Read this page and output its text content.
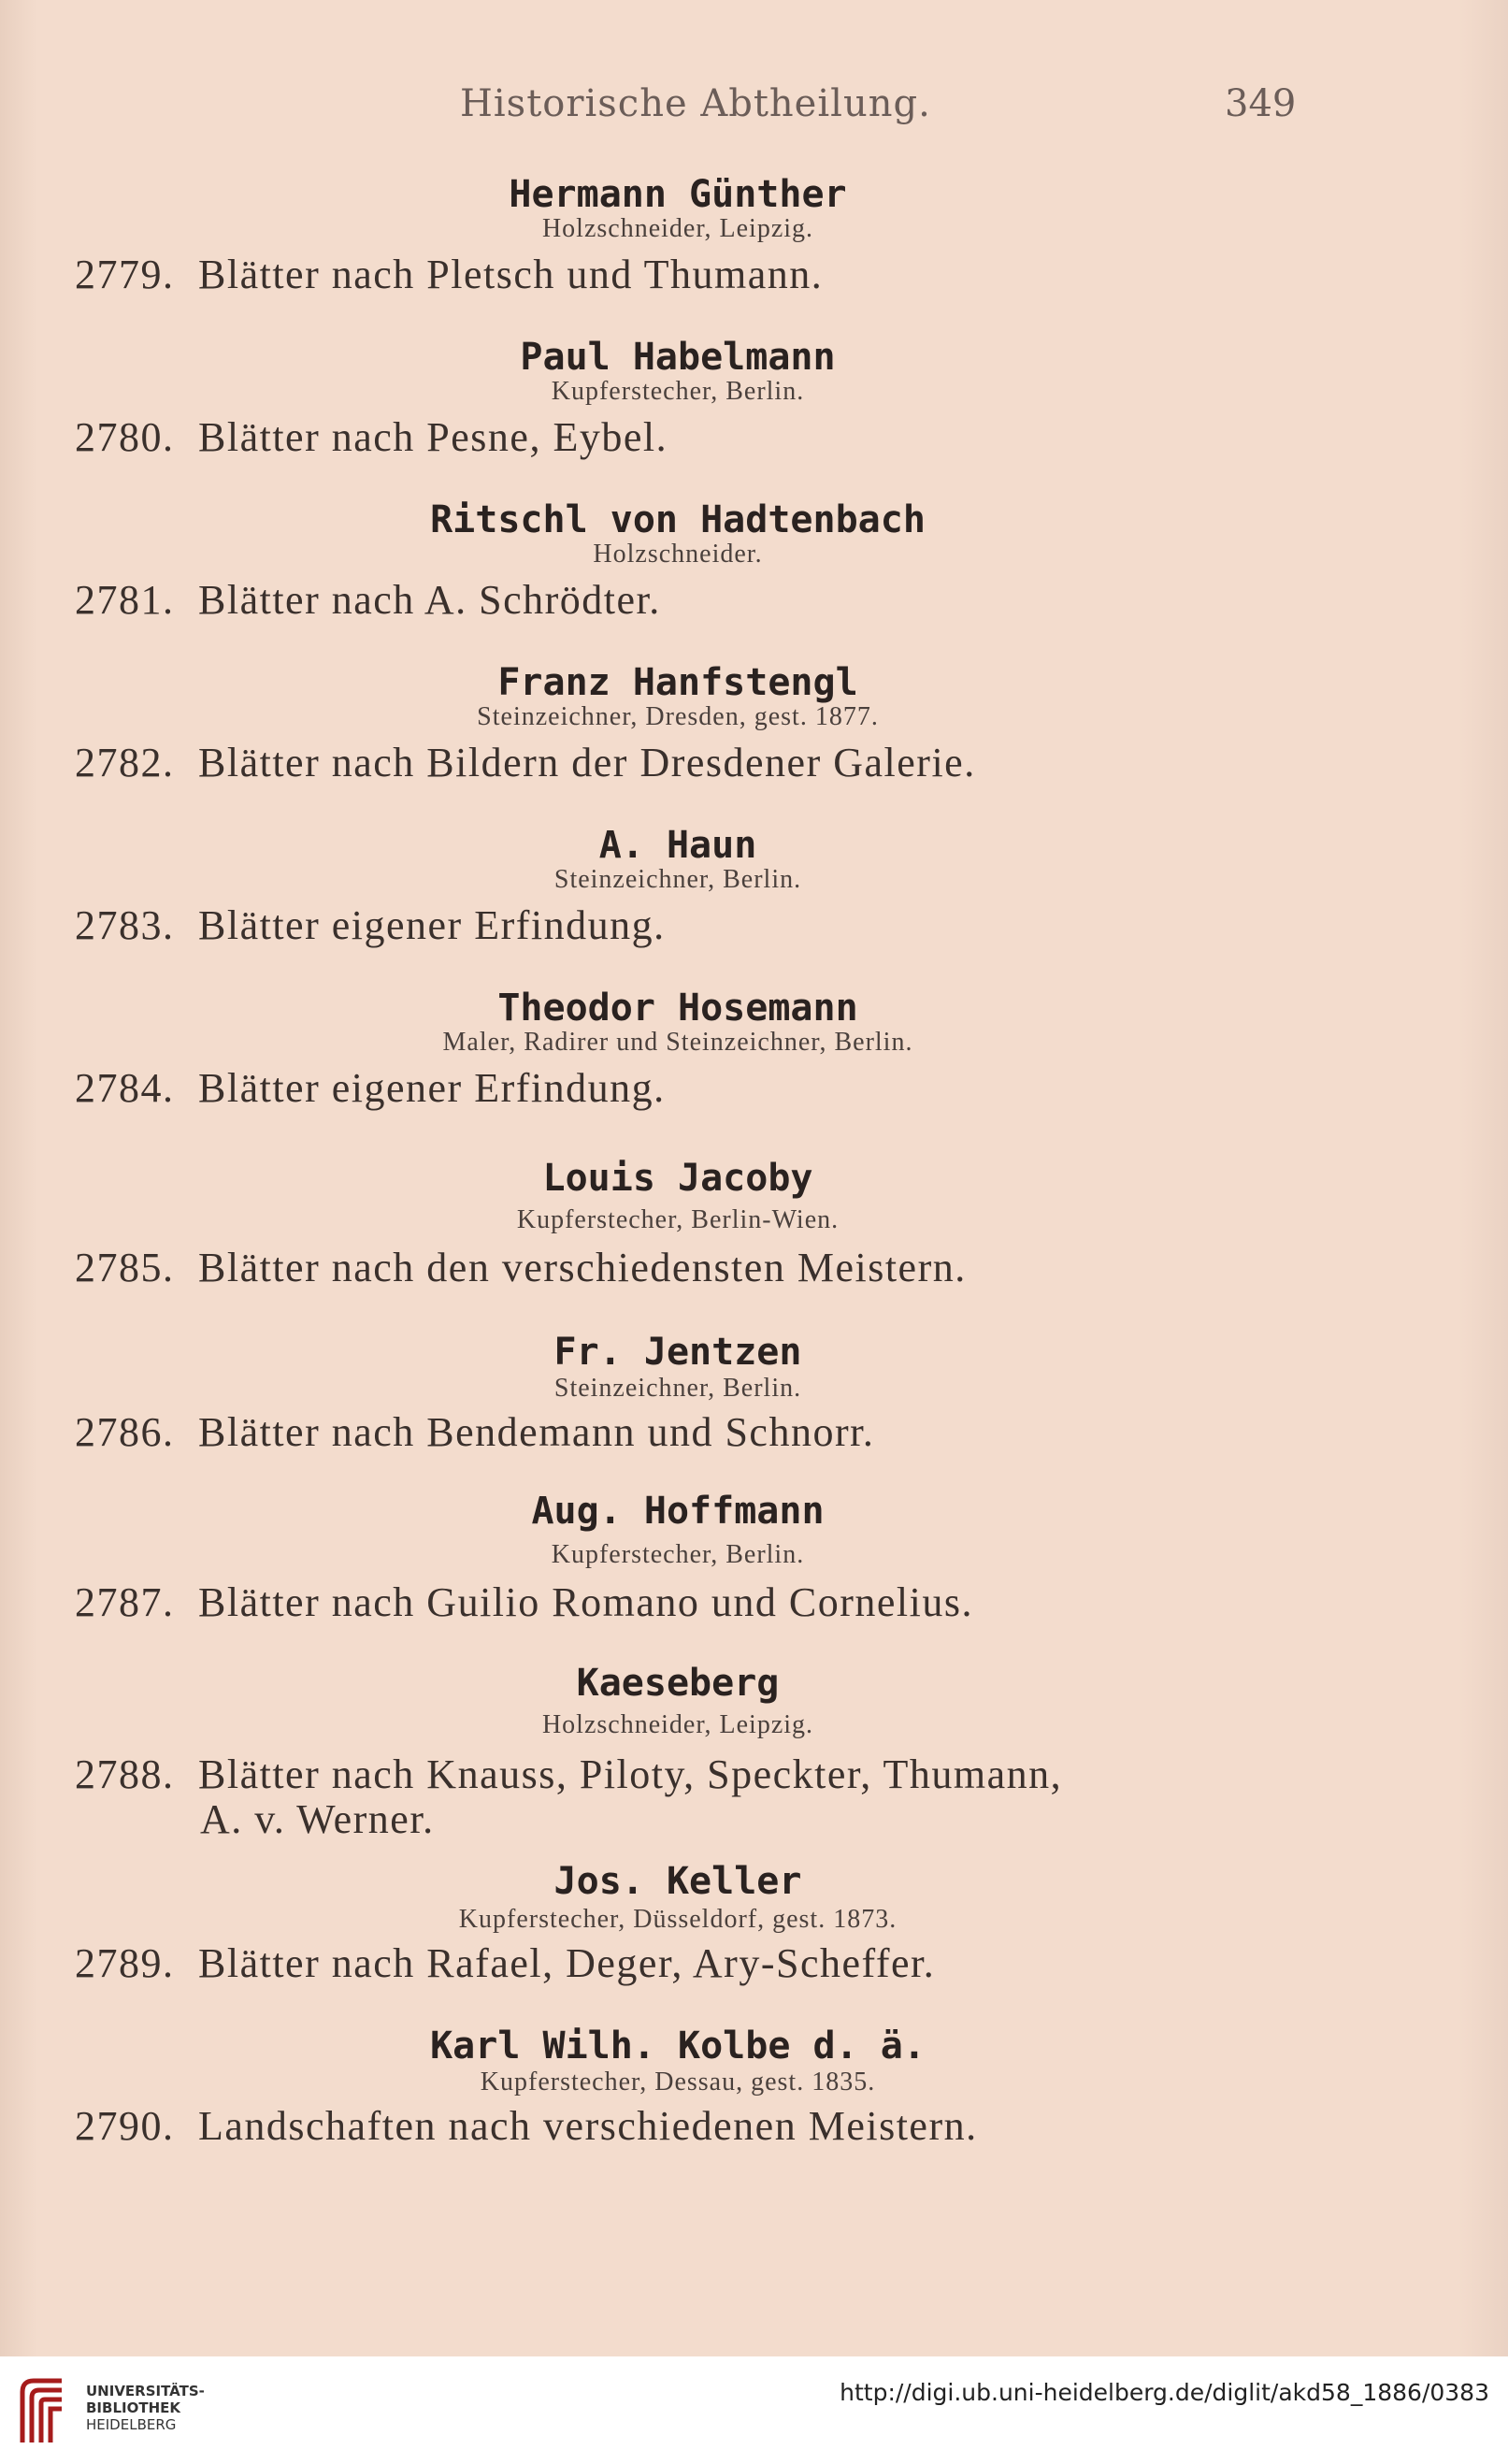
Historische Abtheilung.	349
Hermann Günther
Holzschneider, Leipzig.
2779. Blätter nach Pletsch und Thumann.
Paul Habelmann
Kupferstecher, Berlin.
2780. Blätter nach Pesne, Eybel.
Ritschl von Hadtenbach
Holzschneider.
2781. Blätter nach A. Schrödter.
Franz Hanfstengl
Steinzeichner, Dresden, gest. 1877.
2782. Blätter nach Bildern der Dresdener Galerie.
A. Haun
Steinzeichner, Berlin.
2783. Blätter eigener Erfindung.
Theodor Hosemann
Maler, Radirer und Steinzeichner, Berlin.
2784. Blätter eigener Erfindung.
Louis Jacoby
Kupferstecher, Berlin-Wien.
2785. Blätter nach den verschiedensten Meistern.
Fr. Jentzen
Steinzeichner, Berlin.
2786. Blätter nach Bendemann und Schnorr.
Aug. Hoffmann
Kupferstecher, Berlin.
2787. Blätter nach Guilio Romano und Cornelius.
Kaeseberg
Holzschneider, Leipzig.
2788. Blätter nach Knauss, Piloty, Speckter, Thumann,
A. v. Werner.
Jos. Keller
Kupferstecher, Düsseldorf, gest. 1873.
2789. Blätter nach Rafael, Deger, Ary-Scheffer.
Karl Wilh. Kolbe d. ä.
Kupferstecher, Dessau, gest. 1835.
2790. Landschaften nach verschiedenen Meistern.
UNIVERSITÄTS-
BIBLIOTHEK
HEIDELBERG
http://digi.ub.uni-heidelberg.de/diglit/akd58_1886/0383
